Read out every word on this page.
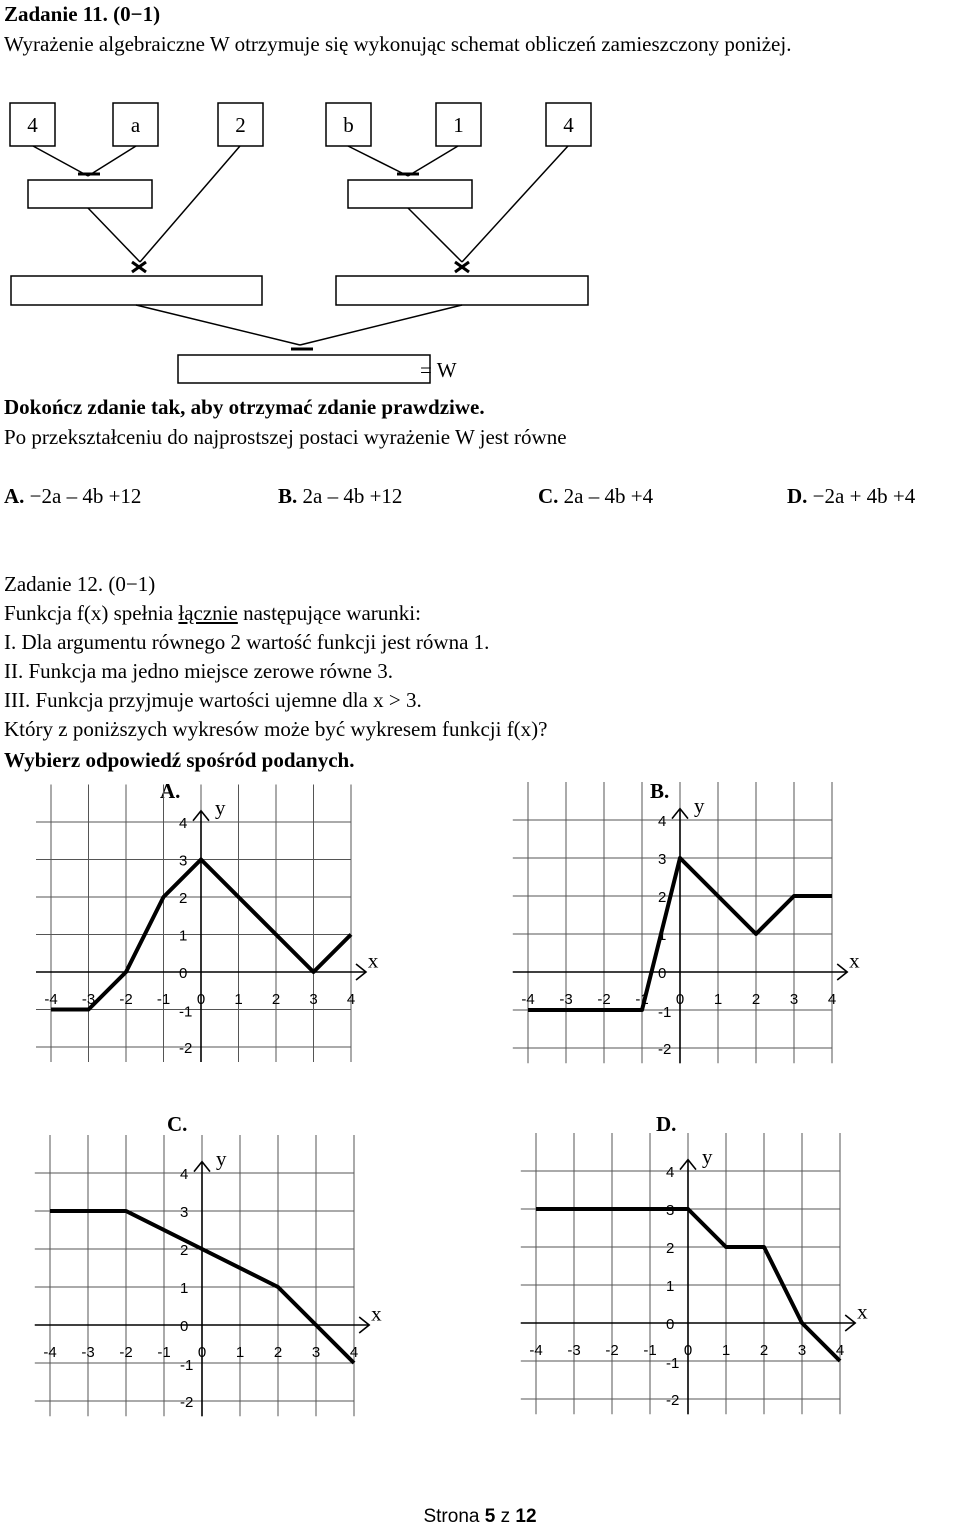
Zadanie 11. (0−1)
Wyrażenie algebraiczne W otrzymuje się wykonując schemat obliczeń zamieszczony poniżej.
4	a	2	b	1	4
= W
Dokończ zdanie tak, aby otrzymać zdanie prawdziwe.
Po przekształceniu do najprostszej postaci wyrażenie W jest równe
A. −2a – 4b +12	B. 2a – 4b +12	C. 2a – 4b +4	D. −2a + 4b +4
Zadanie 12. (0−1)
Funkcja f(x) spełnia łącznie następujące warunki:
I. Dla argumentu równego 2 wartość funkcji jest równa 1.
II. Funkcja ma jedno miejsce zerowe równe 3.
III. Funkcja przyjmuje wartości ujemne dla x > 3.
Który z poniższych wykresów może być wykresem funkcji f(x)?
Wybierz odpowiedź spośród podanych.
A.	B.
C.	D.
-4 -3 -2 -1 0 1 2 3 4
-2
-1
0
1
2
3
4
x
y
-4 -3 -2 -1 0 1 2 3 4
-2
-1
0
1
2
3
4
x
y
-4 -3 -2 -1 0 1 2 3 4
-2
-1
0
1
2
3
4
x
y
-4 -3 -2 -1 0 1 2 3 4
-2
-1
0
1
2
3
4
x
y
Strona 5 z 12
